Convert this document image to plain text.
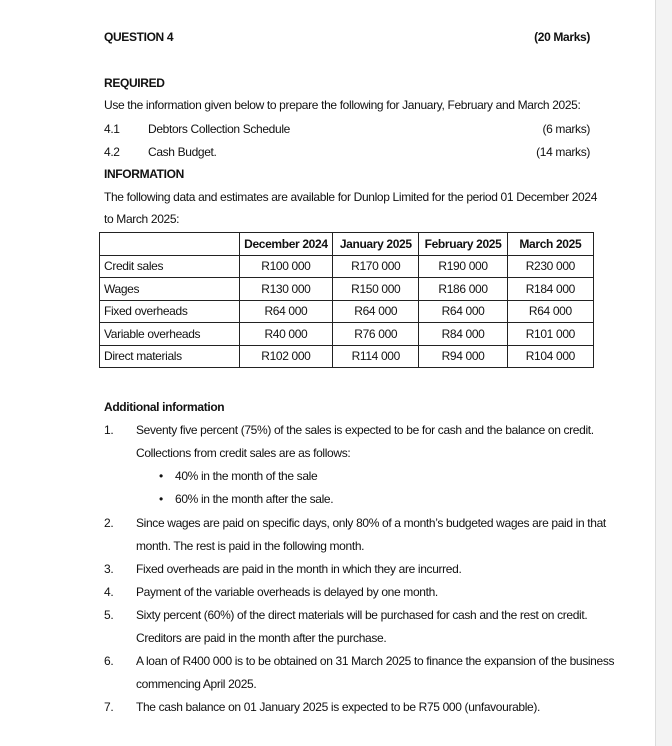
QUESTION 4	(20 Marks)
REQUIRED
Use the information given below to prepare the following for January, February and March 2025:
4.1 Debtors Collection Schedule	(6 marks)
4.2 Cash Budget.	(14 marks)
INFORMATION
The following data and estimates are available for Dunlop Limited for the period 01 December 2024
to March 2025:
	December 2024	January 2025	February 2025	March 2025
Credit sales	R100 000	R170 000	R190 000	R230 000
Wages	R130 000	R150 000	R186 000	R184 000
Fixed overheads	R64 000	R64 000	R64 000	R64 000
Variable overheads	R40 000	R76 000	R84 000	R101 000
Direct materials	R102 000	R114 000	R94 000	R104 000
Additional information
1. Seventy five percent (75%) of the sales is expected to be for cash and the balance on credit.
Collections from credit sales are as follows:
• 40% in the month of the sale
• 60% in the month after the sale.
2. Since wages are paid on specific days, only 80% of a month’s budgeted wages are paid in that
month. The rest is paid in the following month.
3. Fixed overheads are paid in the month in which they are incurred.
4. Payment of the variable overheads is delayed by one month.
5. Sixty percent (60%) of the direct materials will be purchased for cash and the rest on credit.
Creditors are paid in the month after the purchase.
6. A loan of R400 000 is to be obtained on 31 March 2025 to finance the expansion of the business
commencing April 2025.
7. The cash balance on 01 January 2025 is expected to be R75 000 (unfavourable).
